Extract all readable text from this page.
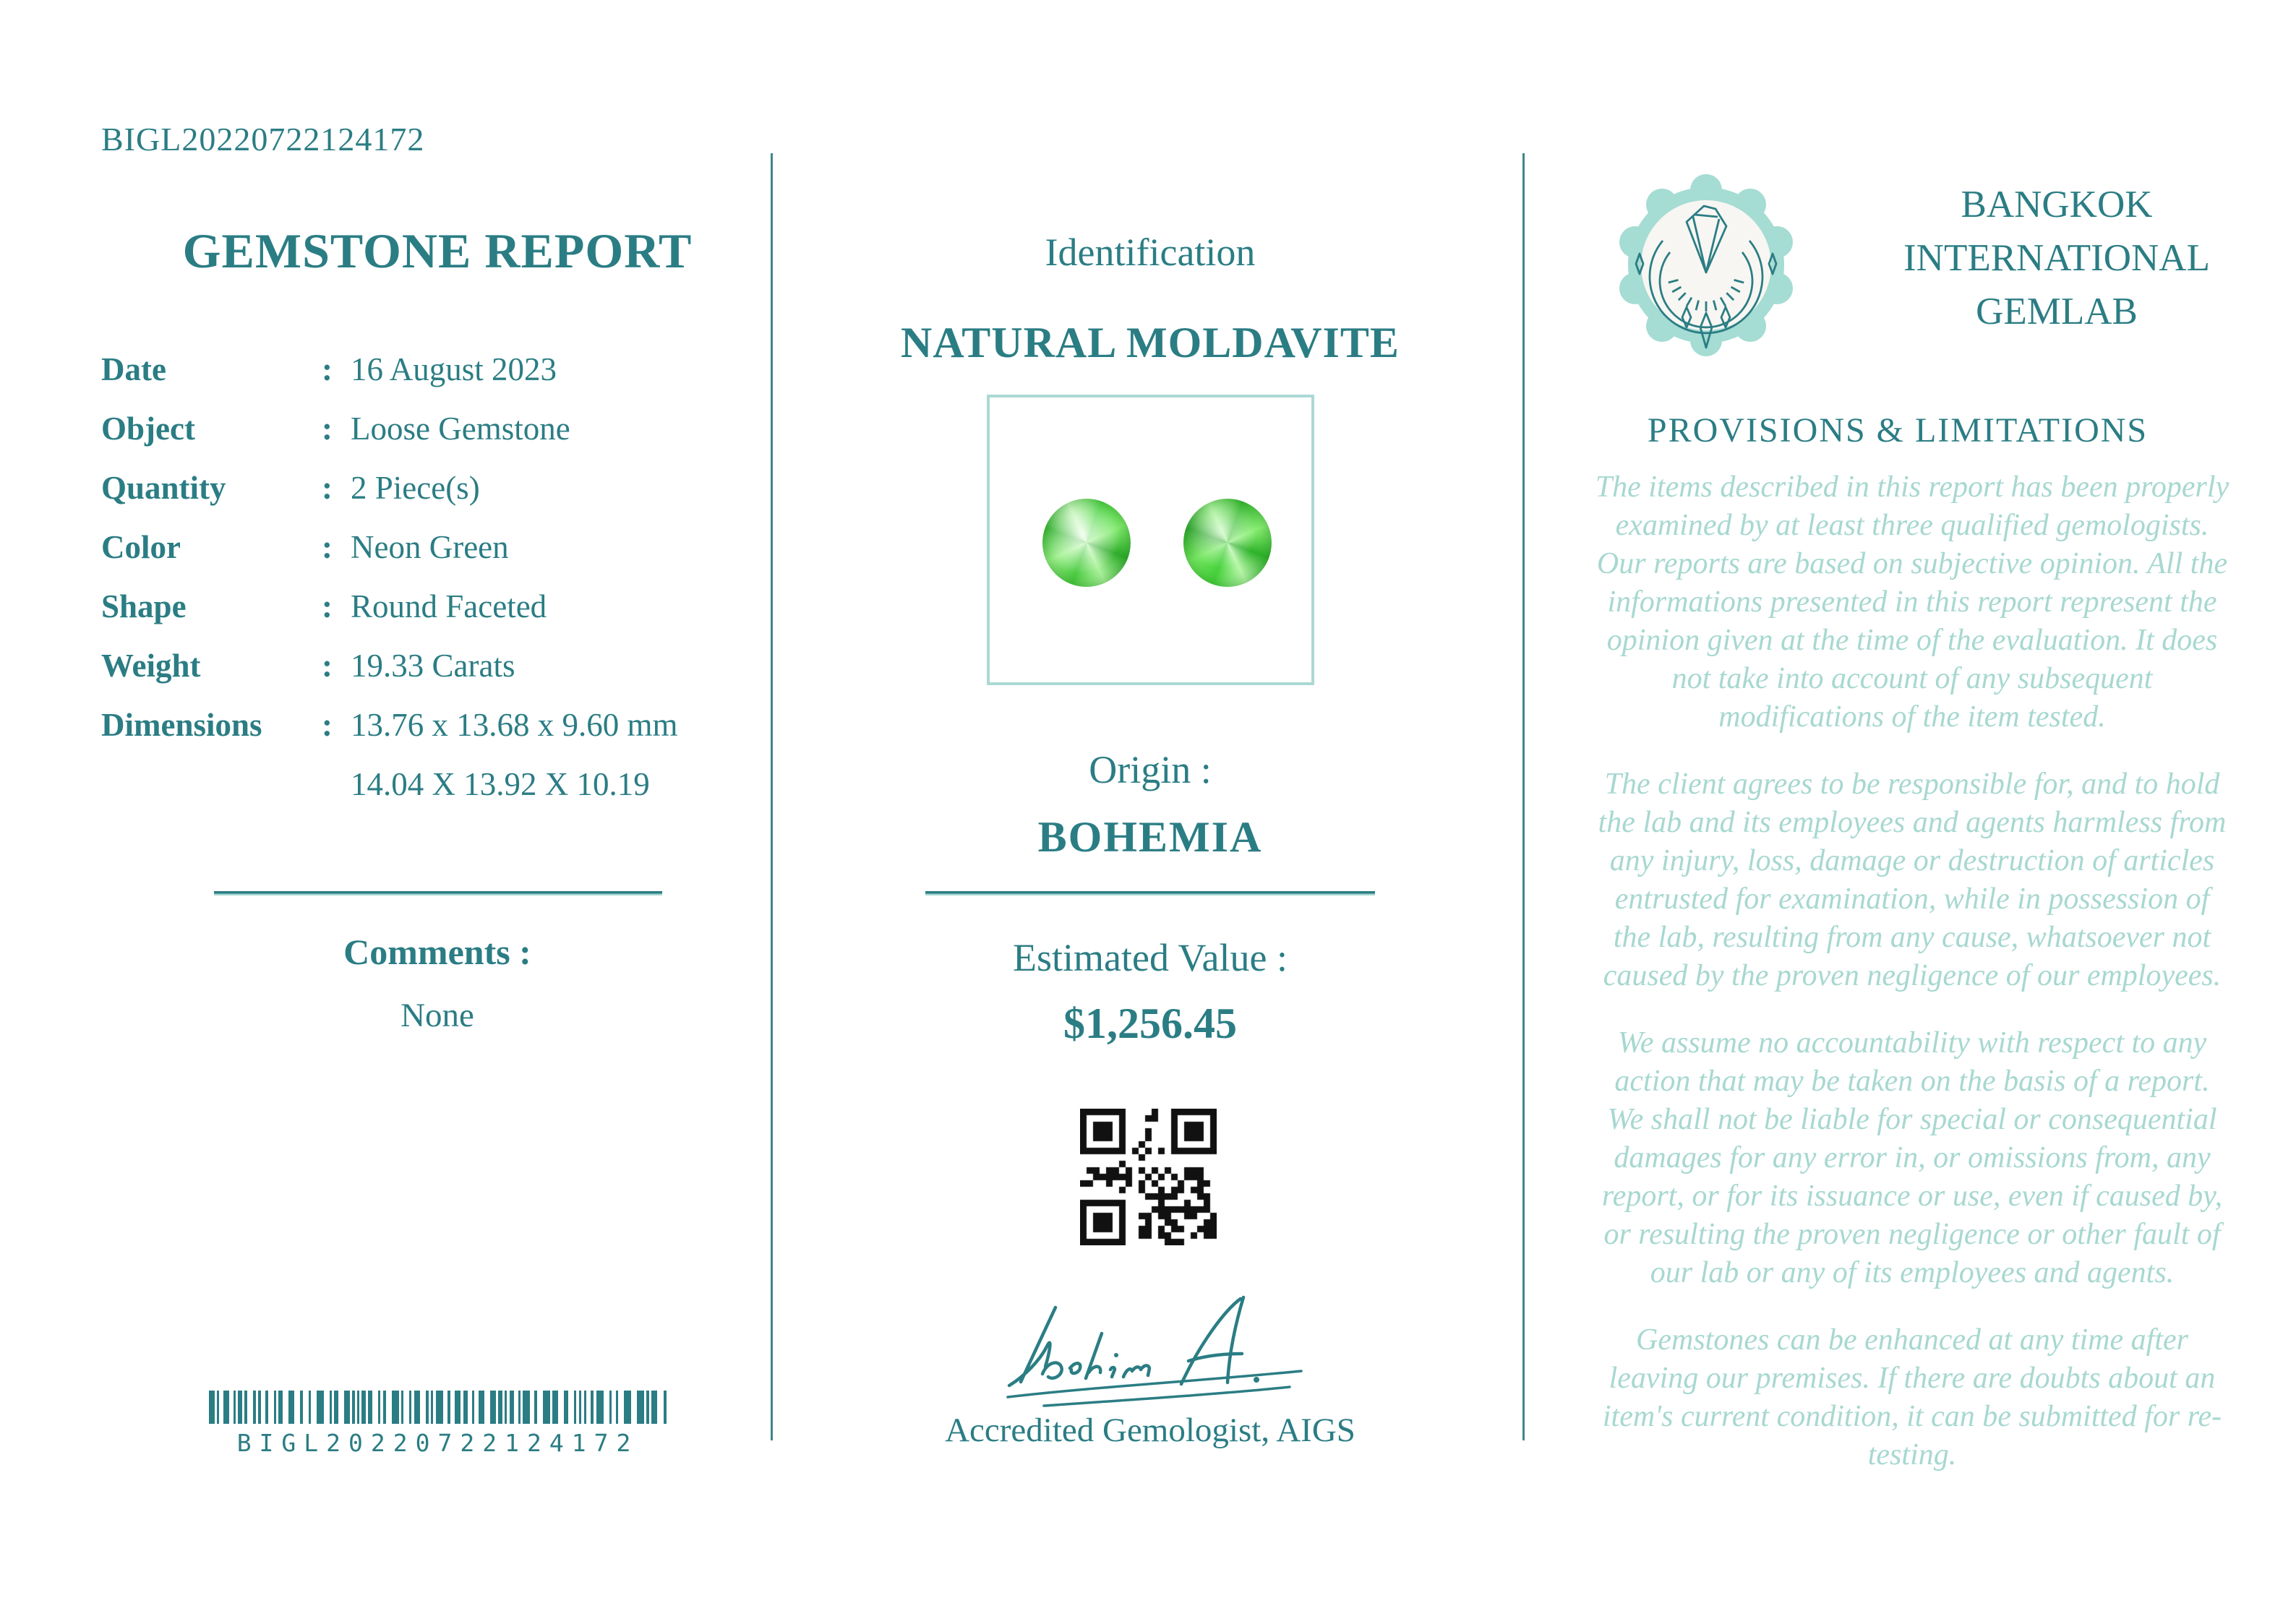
BIGL20220722124172
GEMSTONE REPORT
Date	: 16 August 2023
Object	: Loose Gemstone
Quantity	: 2 Piece(s)
Color	: Neon Green
Shape	: Round Faceted
Weight	: 19.33 Carats
Dimensions	: 13.76 x 13.68 x 9.60 mm
14.04 X 13.92 X 10.19
Comments :
None
BIGL20220722124172
Identification
NATURAL MOLDAVITE
Origin :
BOHEMIA
Estimated Value :
$1,256.45
Accredited Gemologist, AIGS
BANGKOK
INTERNATIONAL
GEMLAB
PROVISIONS & LIMITATIONS

The items described in this report has been properly examined by at least three qualified gemologists. Our reports are based on subjective opinion. All the informations presented in this report represent the opinion given at the time of the evaluation. It does not take into account of any subsequent modifications of the item tested.

The client agrees to be responsible for, and to hold the lab and its employees and agents harmless from any injury, loss, damage or destruction of articles entrusted for examination, while in possession of the lab, resulting from any cause, whatsoever not caused by the proven negligence of our employees.

We assume no accountability with respect to any action that may be taken on the basis of a report. We shall not be liable for special or consequential damages for any error in, or omissions from, any report, or for its issuance or use, even if caused by, or resulting the proven negligence or other fault of our lab or any of its employees and agents.

Gemstones can be enhanced at any time after leaving our premises. If there are doubts about an item's current condition, it can be submitted for re-testing.
